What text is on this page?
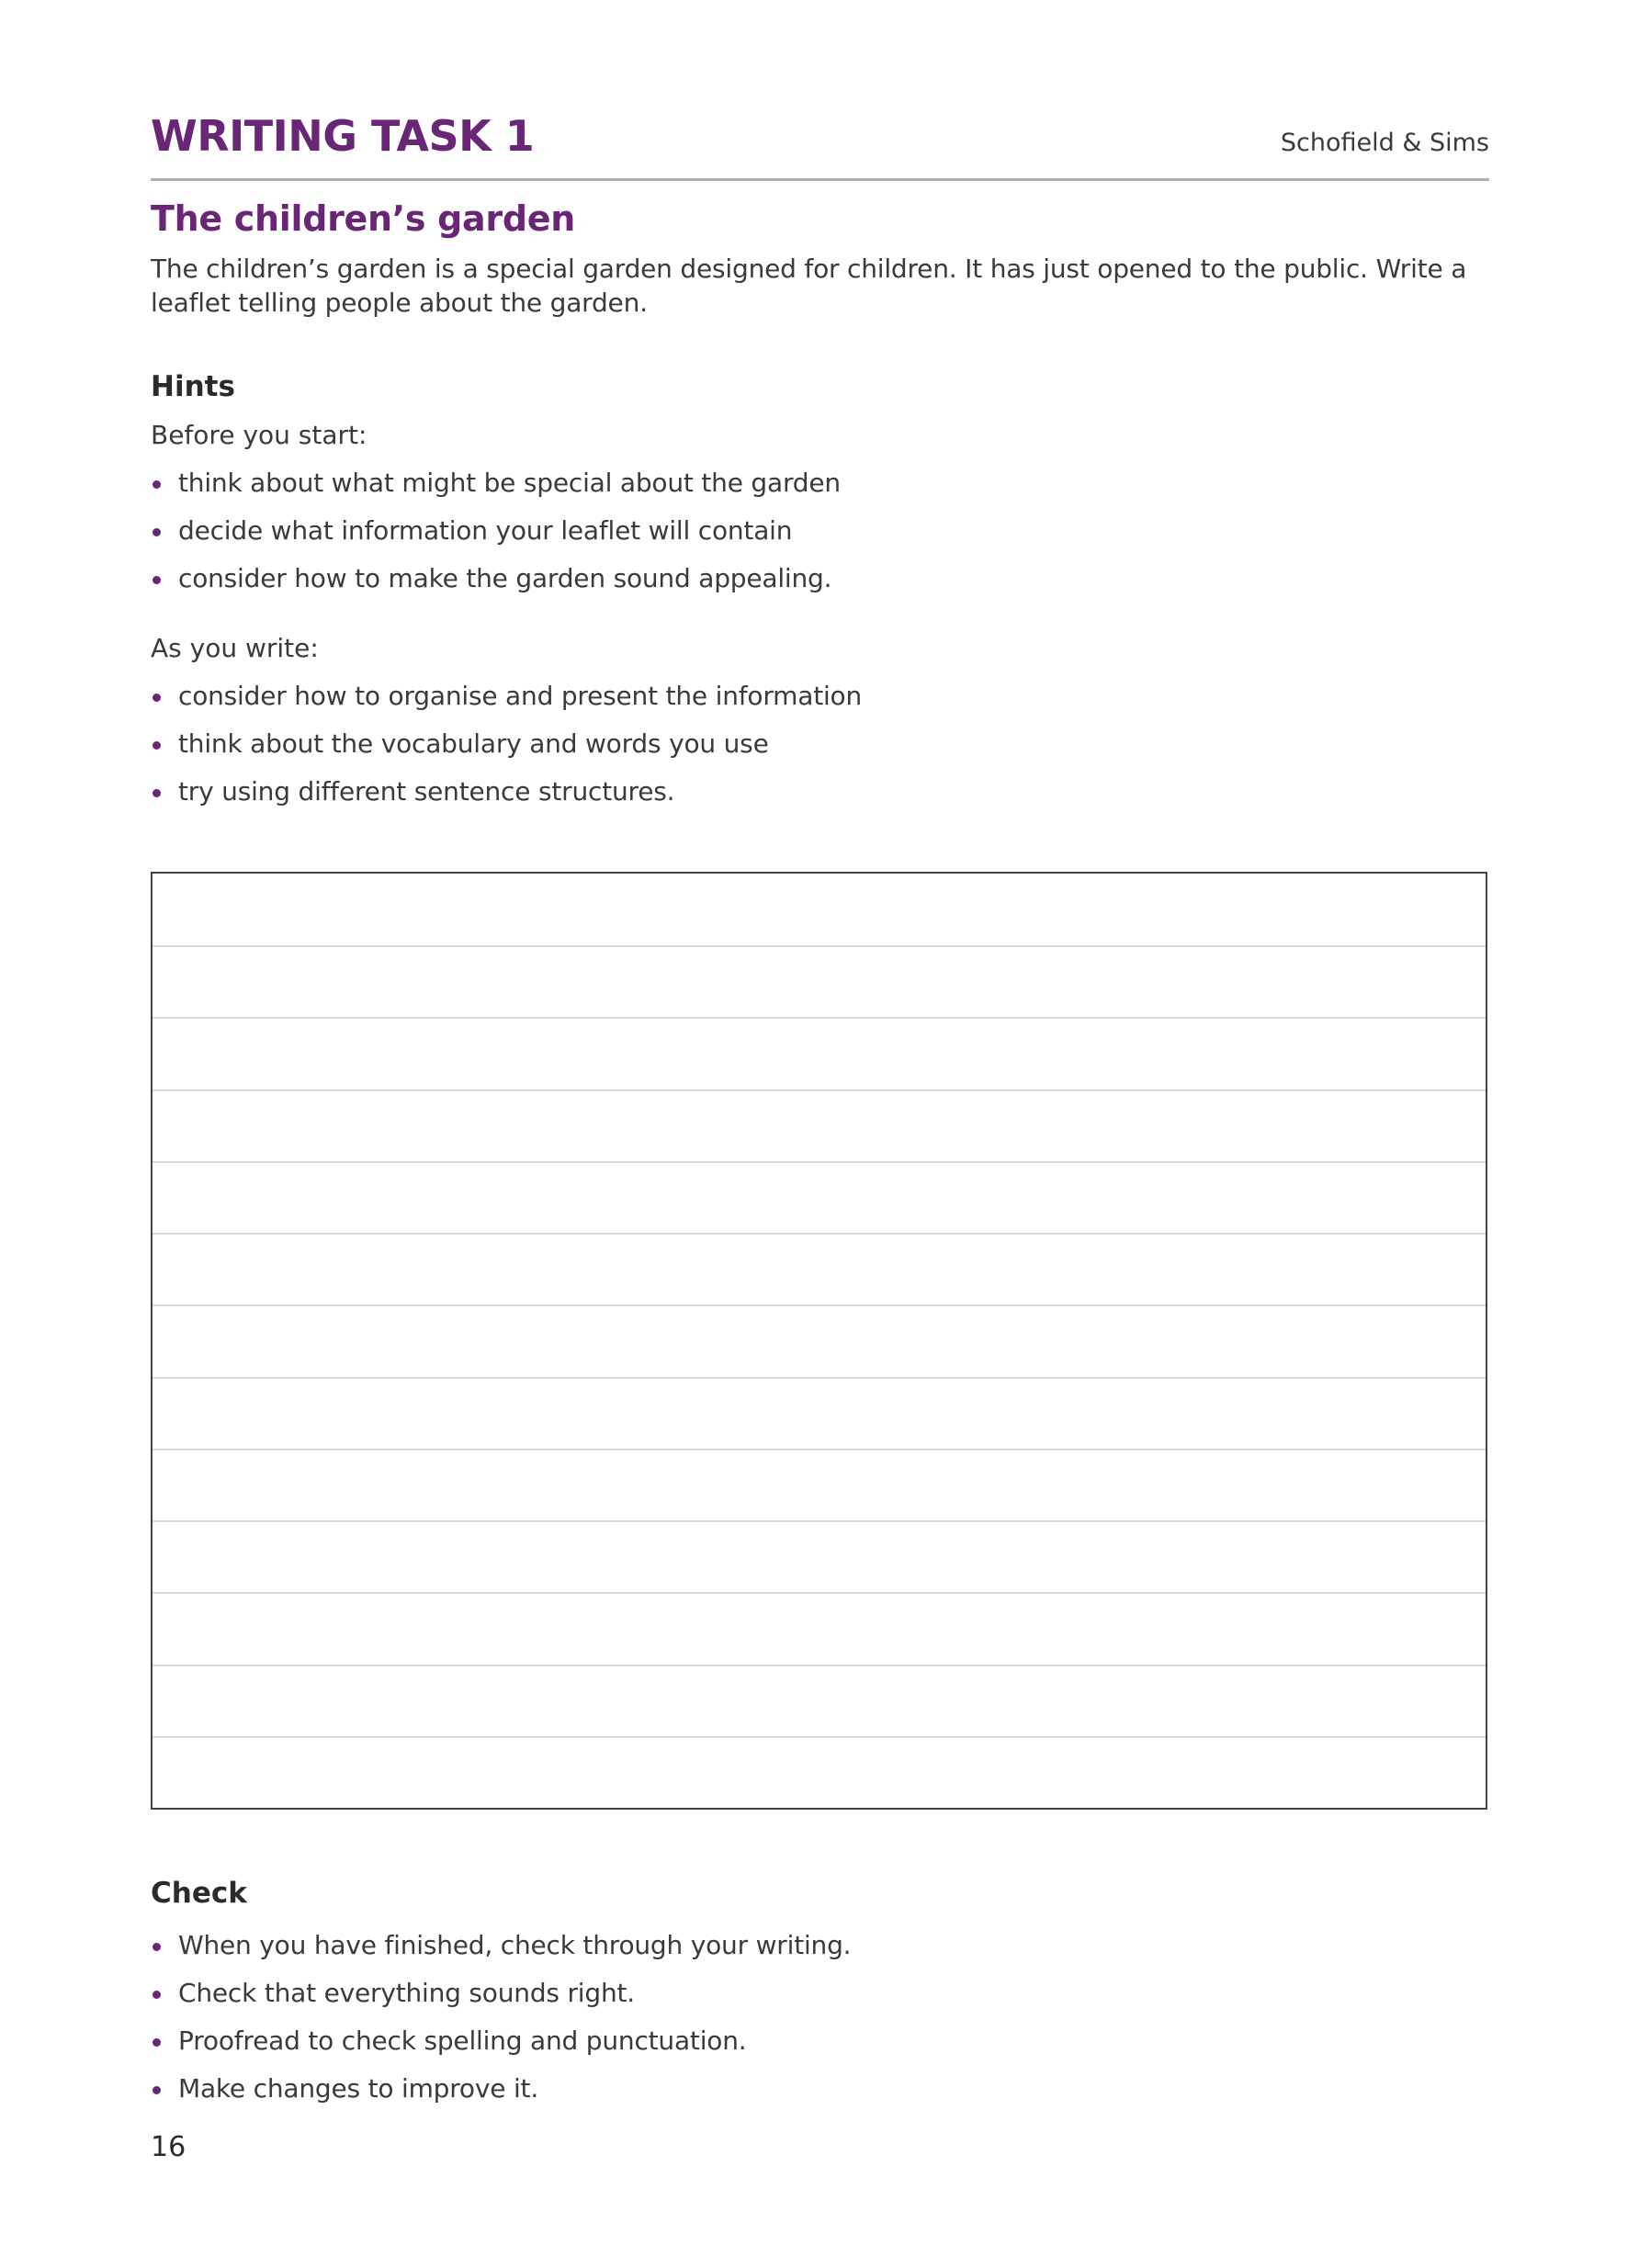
WRITING TASK 1	Schofield & Sims
The children’s garden
The children’s garden is a special garden designed for children. It has just opened to the public. Write a leaflet telling people about the garden.
Hints
Before you start:
think about what might be special about the garden
decide what information your leaflet will contain
consider how to make the garden sound appealing.
As you write:
consider how to organise and present the information
think about the vocabulary and words you use
try using different sentence structures.
Check
When you have finished, check through your writing.
Check that everything sounds right.
Proofread to check spelling and punctuation.
Make changes to improve it.
16
